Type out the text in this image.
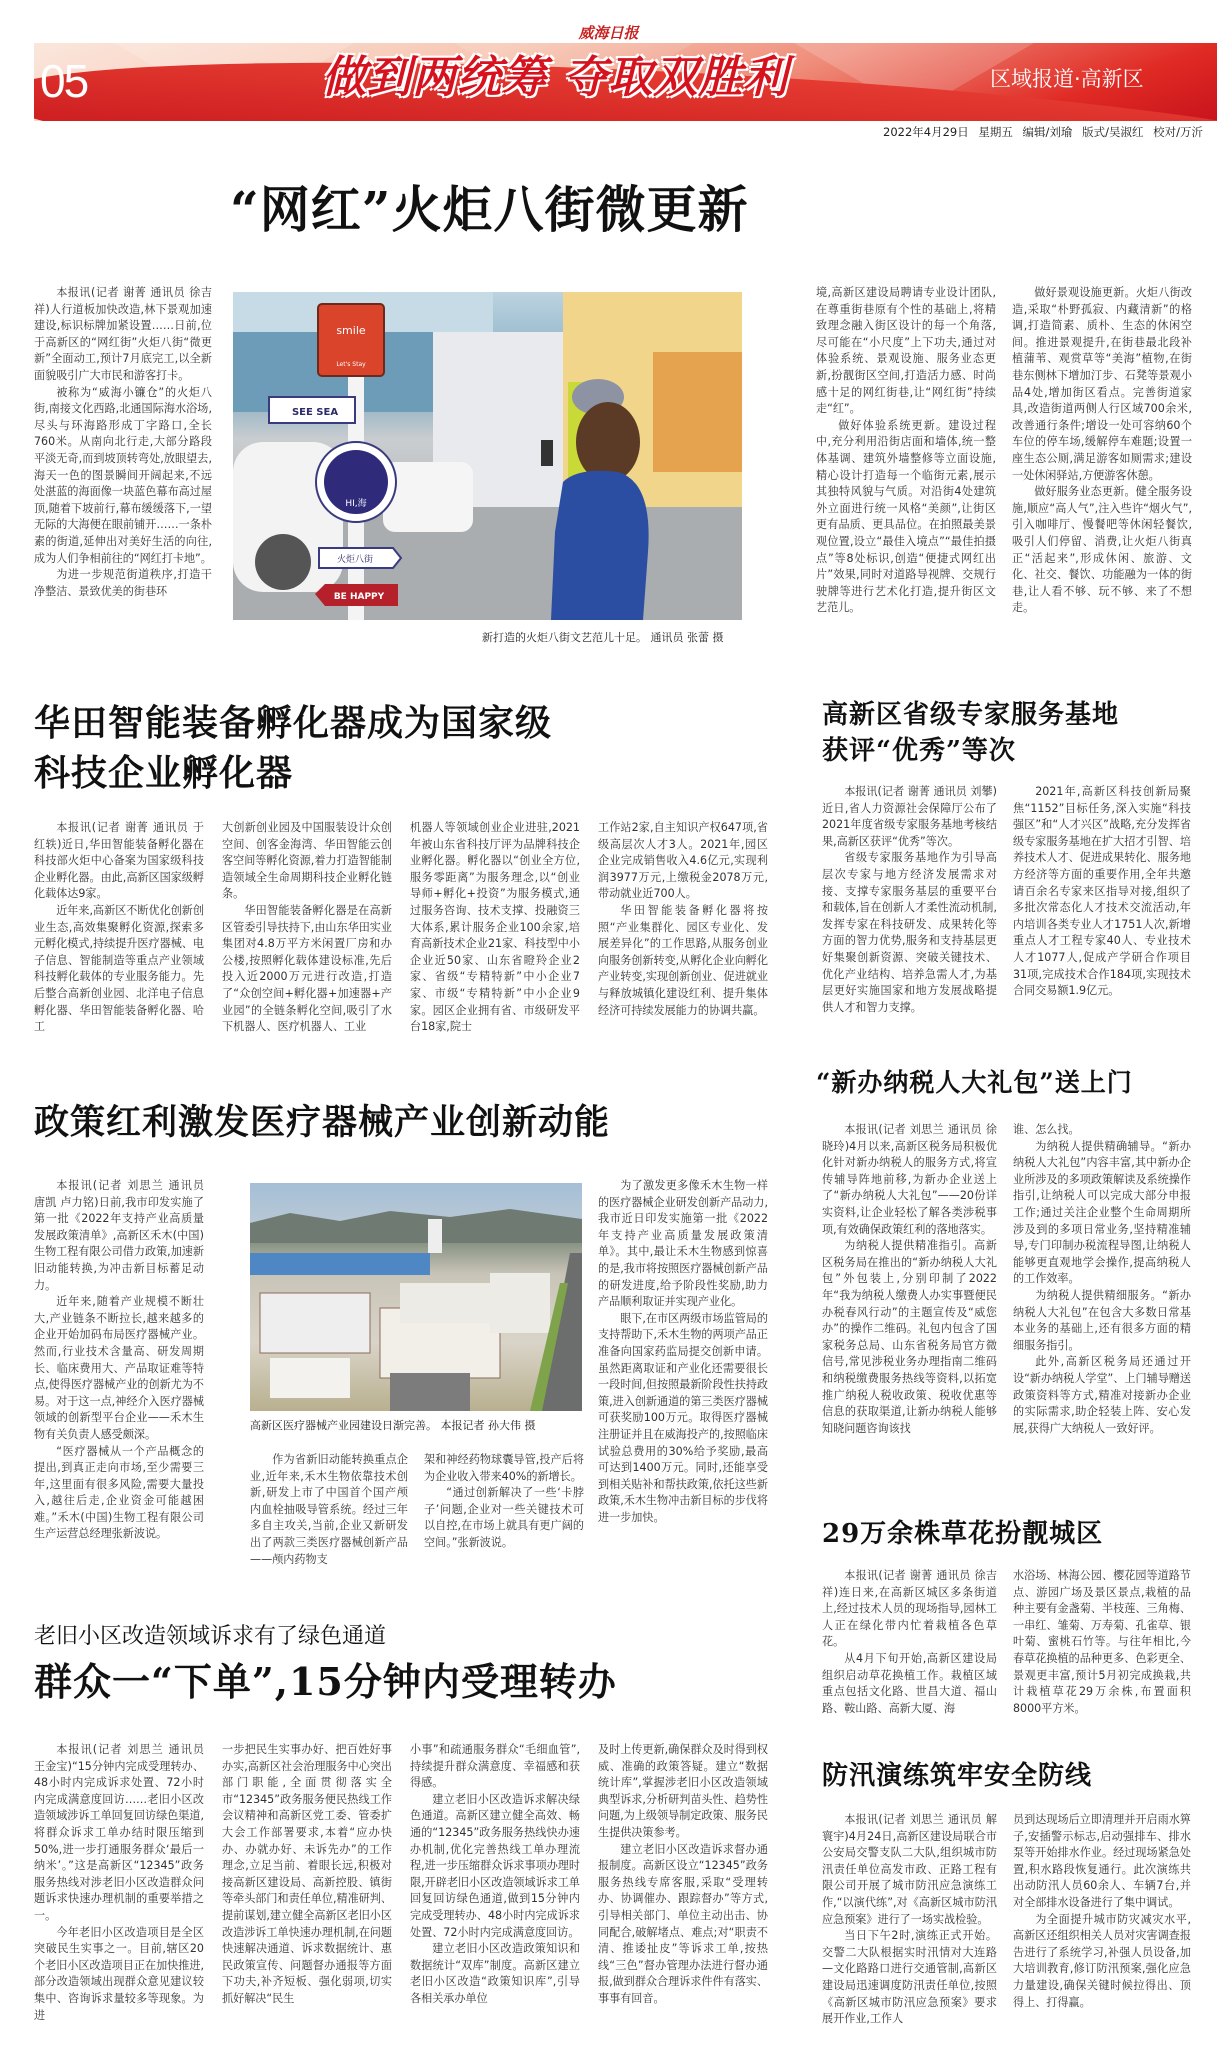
威海日报
05	做到两统筹 夺取双胜利	区域报道·高新区
2022年4月29日 星期五 编辑/刘瑜 版式/吴淑红 校对/万沂
“网红”火炬八街微更新

本报讯(记者 谢菁 通讯员 徐吉祥)人行道板加快改造,林下景观加速建设,标识标牌加紧设置……日前,位于高新区的“网红街”火炬八街“微更新”全面动工,预计7月底完工,以全新面貌吸引广大市民和游客打卡。

被称为“威海小镰仓”的火炬八街,南接文化西路,北通国际海水浴场,尽头与环海路形成丁字路口,全长760米。从南向北行走,大部分路段平淡无奇,而到坡顶转弯处,放眼望去,海天一色的图景瞬间开阔起来,不远处湛蓝的海面像一块蓝色幕布高过屋顶,随着下坡前行,幕布缓缓落下,一望无际的大海便在眼前铺开……一条朴素的街道,延伸出对美好生活的向往,成为人们争相前往的“网红打卡地”。

为进一步规范街道秩序,打造干净整洁、景致优美的街巷环

smile
Let's Stay
SEE SEA
HI,海
火炬八街
BE HAPPY
新打造的火炬八街文艺范儿十足。 通讯员 张蕾 摄

境,高新区建设局聘请专业设计团队,在尊重街巷原有个性的基础上,将精致理念融入街区设计的每一个角落,尽可能在“小尺度”上下功夫,通过对体验系统、景观设施、服务业态更新,扮靓街区空间,打造活力感、时尚感十足的网红街巷,让“网红街”持续走“红”。

做好体验系统更新。建设过程中,充分利用沿街店面和墙体,统一整体基调、建筑外墙整修等立面设施,精心设计打造每一个临街元素,展示其独特风貌与气质。对沿街4处建筑外立面进行统一风格“美颜”,让街区更有品质、更具品位。在拍照最美景观位置,设立“最佳入境点”“最佳拍摄点”等8处标识,创造“便捷式网红出片”效果,同时对道路导视牌、交规行驶牌等进行艺术化打造,提升街区文艺范儿。

做好景观设施更新。火炬八街改造,采取“朴野孤寂、内藏清新”的格调,打造简素、质朴、生态的休闲空间。推进景观提升,在街巷最北段补植蒲苇、观赏草等“美海”植物,在街巷东侧林下增加汀步、石凳等景观小品4处,增加街区看点。完善街道家具,改造街道两侧人行区域700余米,改善通行条件;增设一处可容纳60个车位的停车场,缓解停车难题;设置一座生态公厕,满足游客如厕需求;建设一处休闲驿站,方便游客休憩。

做好服务业态更新。健全服务设施,顺应“高人气”,注入些许“烟火气”,引入咖啡厅、慢餐吧等休闲轻餐饮,吸引人们停留、消费,让火炬八街真正“活起来”,形成休闲、旅游、文化、社交、餐饮、功能融为一体的街巷,让人看不够、玩不够、来了不想走。

华田智能装备孵化器成为国家级
科技企业孵化器

本报讯(记者 谢菁 通讯员 于红轶)近日,华田智能装备孵化器在科技部火炬中心备案为国家级科技企业孵化器。由此,高新区国家级孵化载体达9家。

近年来,高新区不断优化创新创业生态,高效集聚孵化资源,探索多元孵化模式,持续提升医疗器械、电子信息、智能制造等重点产业领域科技孵化载体的专业服务能力。先后整合高新创业园、北洋电子信息孵化器、华田智能装备孵化器、哈工

大创新创业园及中国服装设计众创空间、创客金海湾、华田智能云创客空间等孵化资源,着力打造智能制造领域全生命周期科技企业孵化链条。

华田智能装备孵化器是在高新区管委引导扶持下,由山东华田实业集团对4.8万平方米闲置厂房和办公楼,按照孵化载体建设标准,先后投入近2000万元进行改造,打造了“众创空间+孵化器+加速器+产业园”的全链条孵化空间,吸引了水下机器人、医疗机器人、工业

机器人等领域创业企业进驻,2021年被山东省科技厅评为品牌科技企业孵化器。孵化器以“创业全方位,服务零距离”为服务理念,以“创业导师+孵化+投资”为服务模式,通过服务咨询、技术支撑、投融资三大体系,累计服务企业100余家,培育高新技术企业21家、科技型中小企业近50家、山东省瞪羚企业2家、省级“专精特新”中小企业7家、市级“专精特新”中小企业9家。园区企业拥有省、市级研发平台18家,院士

工作站2家,自主知识产权647项,省级高层次人才3人。2021年,园区企业完成销售收入4.6亿元,实现利润3977万元,上缴税金2078万元,带动就业近700人。

华田智能装备孵化器将按照“产业集群化、园区专业化、发展差异化”的工作思路,从服务创业向服务创新转变,从孵化企业向孵化产业转变,实现创新创业、促进就业与释放城镇化建设红利、提升集体经济可持续发展能力的协调共赢。

高新区省级专家服务基地
获评“优秀”等次

本报讯(记者 谢菁 通讯员 刘攀)近日,省人力资源社会保障厅公布了2021年度省级专家服务基地考核结果,高新区获评“优秀”等次。

省级专家服务基地作为引导高层次专家与地方经济发展需求对接、支撑专家服务基层的重要平台和载体,旨在创新人才柔性流动机制,发挥专家在科技研发、成果转化等方面的智力优势,服务和支持基层更好集聚创新资源、突破关键技术、优化产业结构、培养急需人才,为基层更好实施国家和地方发展战略提供人才和智力支撑。

2021年,高新区科技创新局聚焦“1152”目标任务,深入实施“科技强区”和“人才兴区”战略,充分发挥省级专家服务基地在扩大招才引智、培养技术人才、促进成果转化、服务地方经济等方面的重要作用,全年共邀请百余名专家来区指导对接,组织了多批次常态化人才技术交流活动,年内培训各类专业人才1751人次,新增重点人才工程专家40人、专业技术人才1077人,促成产学研合作项目31项,完成技术合作184项,实现技术合同交易额1.9亿元。

政策红利激发医疗器械产业创新动能

本报讯(记者 刘思兰 通讯员 唐凯 卢力铭)日前,我市印发实施了第一批《2022年支持产业高质量发展政策清单》,高新区禾木(中国)生物工程有限公司借力政策,加速新旧动能转换,为冲击新目标蓄足动力。

近年来,随着产业规模不断壮大,产业链条不断拉长,越来越多的企业开始加码布局医疗器械产业。然而,行业技术含量高、研发周期长、临床费用大、产品取证难等特点,使得医疗器械产业的创新尤为不易。对于这一点,神经介入医疗器械领域的创新型平台企业——禾木生物有关负责人感受颇深。

“医疗器械从一个产品概念的提出,到真正走向市场,至少需要三年,这里面有很多风险,需要大量投入,越往后走,企业资金可能越困难。”禾木(中国)生物工程有限公司生产运营总经理张新波说。

高新区医疗器械产业园建设日渐完善。 本报记者 孙大伟 摄

为了激发更多像禾木生物一样的医疗器械企业研发创新产品动力,我市近日印发实施第一批《2022年支持产业高质量发展政策清单》。其中,最让禾木生物感到惊喜的是,我市将按照医疗器械创新产品的研发进度,给予阶段性奖励,助力产品顺利取证并实现产业化。

眼下,在市区两级市场监管局的支持帮助下,禾木生物的两项产品正准备向国家药监局提交创新申请。虽然距离取证和产业化还需要很长一段时间,但按照最新阶段性扶持政策,进入创新通道的第三类医疗器械可获奖励100万元。取得医疗器械注册证并且在威海投产的,按照临床试验总费用的30%给予奖励,最高可达到1400万元。同时,还能享受到相关贴补和帮扶政策,依托这些新政策,禾木生物冲击新目标的步伐将进一步加快。

作为省新旧动能转换重点企业,近年来,禾木生物依靠技术创新,研发上市了中国首个国产颅内血栓抽吸导管系统。经过三年多自主攻关,当前,企业又新研发出了两款三类医疗器械创新产品——颅内药物支

架和神经药物球囊导管,投产后将为企业收入带来40%的新增长。

“通过创新解决了一些‘卡脖子’问题,企业对一些关键技术可以自控,在市场上就具有更广阔的空间。”张新波说。

“新办纳税人大礼包”送上门

本报讯(记者 刘思兰 通讯员 徐晓玲)4月以来,高新区税务局积极优化针对新办纳税人的服务方式,将宣传辅导阵地前移,为新办企业送上了“新办纳税人大礼包”——20份详实资料,让企业轻松了解各类涉税事项,有效确保政策红利的落地落实。

为纳税人提供精准指引。高新区税务局在推出的“新办纳税人大礼包”外包装上,分别印制了2022年“我为纳税人缴费人办实事暨便民办税春风行动”的主题宣传及“威您办”的操作二维码。礼包内包含了国家税务总局、山东省税务局官方微信号,常见涉税业务办理指南二维码和纳税缴费服务热线等资料,以拓宽推广纳税人税收政策、税收优惠等信息的获取渠道,让新办纳税人能够知晓问题咨询该找

谁、怎么找。

为纳税人提供精确辅导。“新办纳税人大礼包”内容丰富,其中新办企业所涉及的多项政策解读及系统操作指引,让纳税人可以完成大部分申报工作;通过关注企业整个生命周期所涉及到的多项日常业务,坚持精准辅导,专门印制办税流程导图,让纳税人能够更直观地学会操作,提高纳税人的工作效率。

为纳税人提供精细服务。“新办纳税人大礼包”在包含大多数日常基本业务的基础上,还有很多方面的精细服务指引。

此外,高新区税务局还通过开设“新办纳税人学堂”、上门辅导赠送政策资料等方式,精准对接新办企业的实际需求,助企轻装上阵、安心发展,获得广大纳税人一致好评。

29万余株草花扮靓城区

本报讯(记者 谢菁 通讯员 徐吉祥)连日来,在高新区城区多条街道上,经过技术人员的现场指导,园林工人正在绿化带内忙着栽植各色草花。

从4月下旬开始,高新区建设局组织启动草花换植工作。栽植区域重点包括文化路、世昌大道、福山路、鞍山路、高新大厦、海

水浴场、林海公园、樱花园等道路节点、游园广场及景区景点,栽植的品种主要有金盏菊、半枝莲、三角梅、一串红、雏菊、万寿菊、孔雀草、银叶菊、蜜桃石竹等。与往年相比,今春草花换植的品种更多、色彩更全、景观更丰富,预计5月初完成换栽,共计栽植草花29万余株,布置面积8000平方米。

老旧小区改造领域诉求有了绿色通道
群众一“下单”,15分钟内受理转办

本报讯(记者 刘思兰 通讯员 王金宝)“15分钟内完成受理转办、48小时内完成诉求处置、72小时内完成满意度回访……老旧小区改造领域涉诉工单回复回访绿色渠道,将群众诉求工单办结时限压缩到50%,进一步打通服务群众‘最后一纳米’。”这是高新区“12345”政务服务热线对涉老旧小区改造群众问题诉求快速办理机制的重要举措之一。

今年老旧小区改造项目是全区突破民生实事之一。目前,辖区20个老旧小区改造项目正在加快推进,部分改造领域出现群众意见建议较集中、咨询诉求量较多等现象。为进

一步把民生实事办好、把百姓好事办实,高新区社会治理服务中心突出部门职能,全面贯彻落实全市“12345”政务服务便民热线工作会议精神和高新区党工委、管委扩大会工作部署要求,本着“应办快办、办就办好、未诉先办”的工作理念,立足当前、着眼长远,积极对接高新区建设局、高新控股、镇街等牵头部门和责任单位,精准研判、提前谋划,建立健全高新区老旧小区改造涉诉工单快速办理机制,在问题快速解决通道、诉求数据统计、惠民政策宣传、问题督办通报等方面下功夫,补齐短板、强化弱项,切实抓好解决“民生

小事”和疏通服务群众“毛细血管”,持续提升群众满意度、幸福感和获得感。

建立老旧小区改造诉求解决绿色通道。高新区建立健全高效、畅通的“12345”政务服务热线快办速办机制,优化完善热线工单办理流程,进一步压缩群众诉求事项办理时限,开辟老旧小区改造领域诉求工单回复回访绿色通道,做到15分钟内完成受理转办、48小时内完成诉求处置、72小时内完成满意度回访。

建立老旧小区改造政策知识和数据统计“双库”制度。高新区建立老旧小区改造“政策知识库”,引导各相关承办单位

及时上传更新,确保群众及时得到权威、准确的政策答疑。建立“数据统计库”,掌握涉老旧小区改造领域典型诉求,分析研判苗头性、趋势性问题,为上级领导制定政策、服务民生提供决策参考。

建立老旧小区改造诉求督办通报制度。高新区设立“12345”政务服务热线专席客服,采取“受理转办、协调催办、跟踪督办”等方式,引导相关部门、单位主动出击、协同配合,破解堵点、难点;对“职责不清、推诿扯皮”等诉求工单,按热线“三色”督办管理办法进行督办通报,做到群众合理诉求件件有落实、事事有回音。

防汛演练筑牢安全防线

本报讯(记者 刘思兰 通讯员 解寰宇)4月24日,高新区建设局联合市公安局交警支队二大队,组织城市防汛责任单位高发市政、正路工程有限公司开展了城市防汛应急演练工作,“以演代练”,对《高新区城市防汛应急预案》进行了一场实战检验。

当日下午2时,演练正式开始。交警二大队根据实时汛情对大连路—文化路路口进行交通管制,高新区建设局迅速调度防汛责任单位,按照《高新区城市防汛应急预案》要求展开作业,工作人

员到达现场后立即清理并开启雨水箅子,安插警示标志,启动强排车、排水泵等开始排水作业。经过现场紧急处置,积水路段恢复通行。此次演练共出动防汛人员60余人、车辆7台,并对全部排水设备进行了集中调试。

为全面提升城市防灾减灾水平,高新区还组织相关人员对灾害调查报告进行了系统学习,补强人员设备,加大培训教育,修订防汛预案,强化应急力量建设,确保关键时候拉得出、顶得上、打得赢。
